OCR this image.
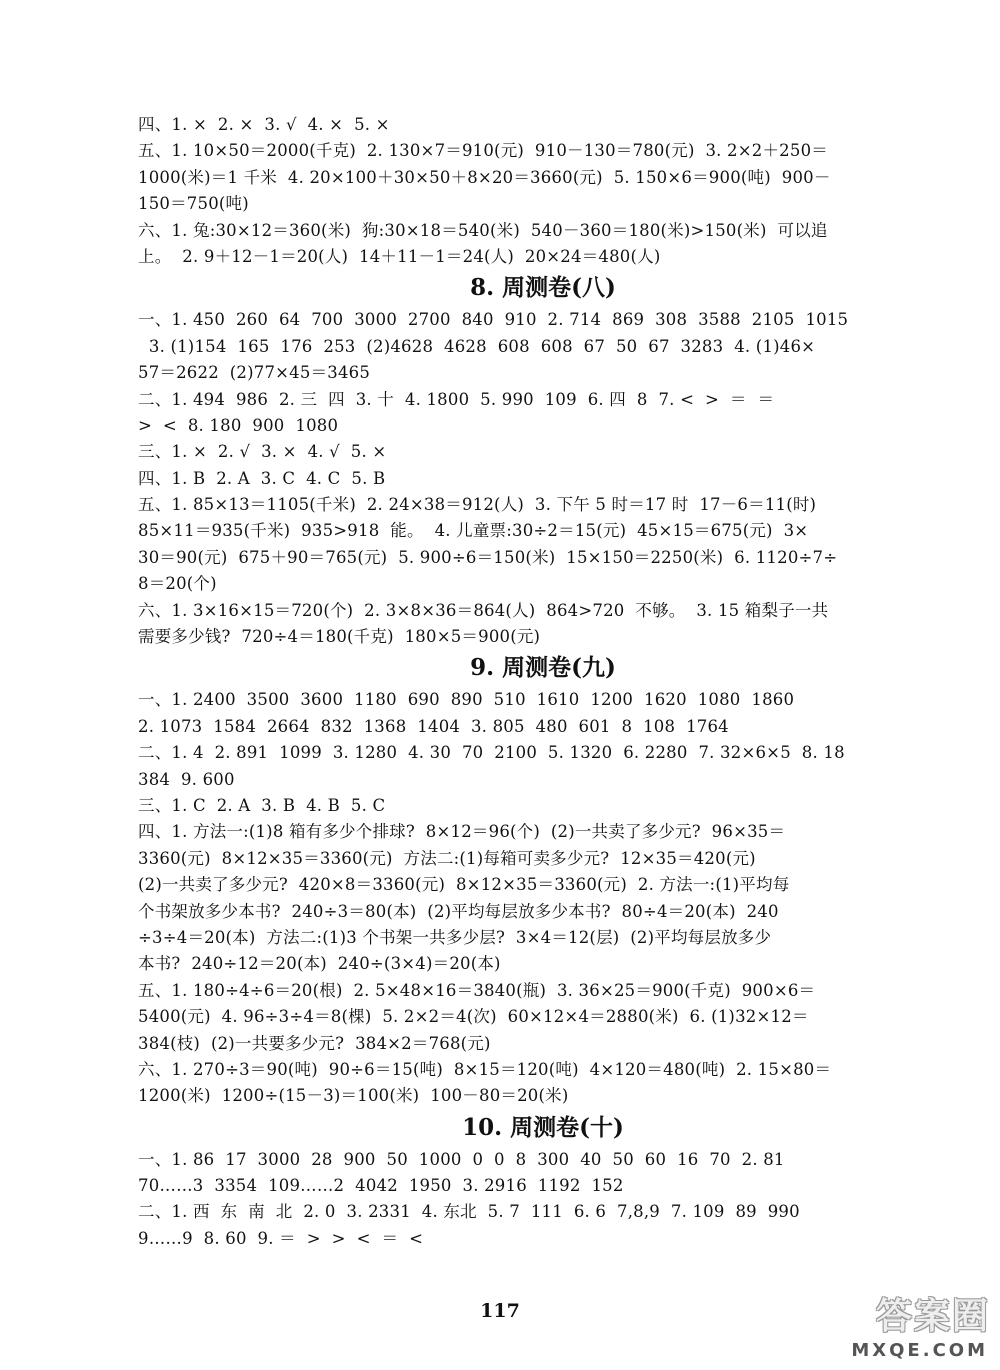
四、1. ×  2. ×  3. √  4. ×  5. ×
五、1. 10×50＝2000(千克)  2. 130×7＝910(元)  910－130＝780(元)  3. 2×2＋250＝
1000(米)＝1 千米  4. 20×100＋30×50＋8×20＝3660(元)  5. 150×6＝900(吨)  900－
150＝750(吨)
六、1. 兔:30×12＝360(米)  狗:30×18＝540(米)  540－360＝180(米)>150(米)  可以追
上。  2. 9＋12－1＝20(人)  14＋11－1＝24(人)  20×24＝480(人)
8. 周测卷(八)
一、1. 450  260  64  700  3000  2700  840  910  2. 714  869  308  3588  2105  1015
3. (1)154  165  176  253  (2)4628  4628  608  608  67  50  67  3283  4. (1)46×
57＝2622  (2)77×45＝3465
二、1. 494  986  2. 三  四  3. 十  4. 1800  5. 990  109  6. 四  8  7. <  >  ＝  ＝
>  <  8. 180  900  1080
三、1. ×  2. √  3. ×  4. √  5. ×
四、1. B  2. A  3. C  4. C  5. B
五、1. 85×13＝1105(千米)  2. 24×38＝912(人)  3. 下午 5 时＝17 时  17－6＝11(时)
85×11＝935(千米)  935>918  能。  4. 儿童票:30÷2＝15(元)  45×15＝675(元)  3×
30＝90(元)  675＋90＝765(元)  5. 900÷6＝150(米)  15×150＝2250(米)  6. 1120÷7÷
8＝20(个)
六、1. 3×16×15＝720(个)  2. 3×8×36＝864(人)  864>720  不够。  3. 15 箱梨子一共
需要多少钱?  720÷4＝180(千克)  180×5＝900(元)
9. 周测卷(九)
一、1. 2400  3500  3600  1180  690  890  510  1610  1200  1620  1080  1860
2. 1073  1584  2664  832  1368  1404  3. 805  480  601  8  108  1764
二、1. 4  2. 891  1099  3. 1280  4. 30  70  2100  5. 1320  6. 2280  7. 32×6×5  8. 18
384  9. 600
三、1. C  2. A  3. B  4. B  5. C
四、1. 方法一:(1)8 箱有多少个排球?  8×12＝96(个)  (2)一共卖了多少元?  96×35＝
3360(元)  8×12×35＝3360(元)  方法二:(1)每箱可卖多少元?  12×35＝420(元)
(2)一共卖了多少元?  420×8＝3360(元)  8×12×35＝3360(元)  2. 方法一:(1)平均每
个书架放多少本书?  240÷3＝80(本)  (2)平均每层放多少本书?  80÷4＝20(本)  240
÷3÷4＝20(本)  方法二:(1)3 个书架一共多少层?  3×4＝12(层)  (2)平均每层放多少
本书?  240÷12＝20(本)  240÷(3×4)＝20(本)
五、1. 180÷4÷6＝20(根)  2. 5×48×16＝3840(瓶)  3. 36×25＝900(千克)  900×6＝
5400(元)  4. 96÷3÷4＝8(棵)  5. 2×2＝4(次)  60×12×4＝2880(米)  6. (1)32×12＝
384(枝)  (2)一共要多少元?  384×2＝768(元)
六、1. 270÷3＝90(吨)  90÷6＝15(吨)  8×15＝120(吨)  4×120＝480(吨)  2. 15×80＝
1200(米)  1200÷(15－3)＝100(米)  100－80＝20(米)
10. 周测卷(十)
一、1. 86  17  3000  28  900  50  1000  0  0  8  300  40  50  60  16  70  2. 81
70……3  3354  109……2  4042  1950  3. 2916  1192  152
二、1. 西  东  南  北  2. 0  3. 2331  4. 东北  5. 7  111  6. 6  7,8,9  7. 109  89  990
9……9  8. 60  9. ＝  >  >  <  ＝  <
117	答案圈
MXQE.COM
